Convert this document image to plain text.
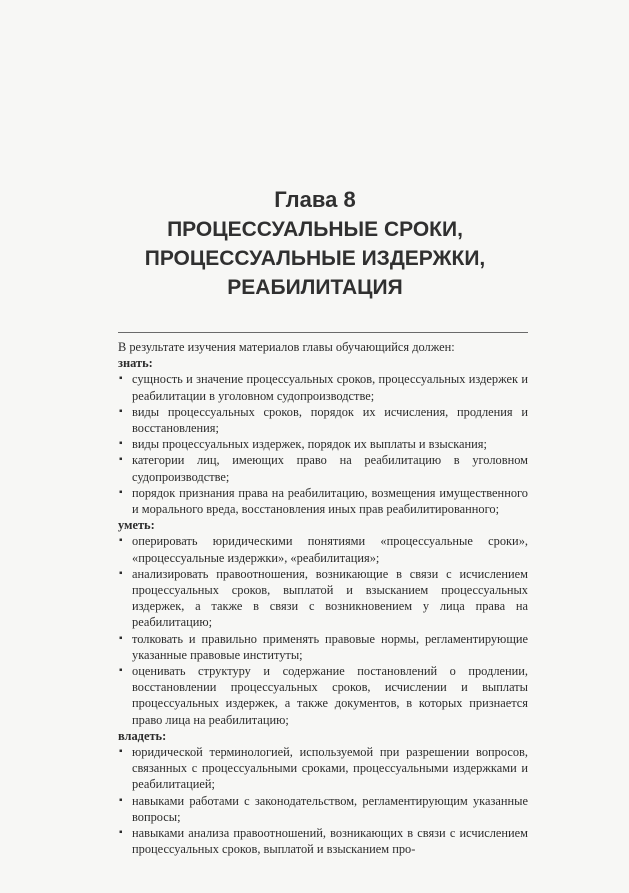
Глава 8
ПРОЦЕССУАЛЬНЫЕ СРОКИ,
ПРОЦЕССУАЛЬНЫЕ ИЗДЕРЖКИ,
РЕАБИЛИТАЦИЯ

В результате изучения материалов главы обучающийся должен:

знать:

▪ сущность и значение процессуальных сроков, процессуальных издержек и реабилитации в уголовном судопроизводстве;
▪ виды процессуальных сроков, порядок их исчисления, продления и восстановления;
▪ виды процессуальных издержек, порядок их выплаты и взыскания;
▪ категории лиц, имеющих право на реабилитацию в уголовном судопроизводстве;
▪ порядок признания права на реабилитацию, возмещения имущественного и морального вреда, восстановления иных прав реабилитированного;

уметь:

▪ оперировать юридическими понятиями «процессуальные сроки», «процессуальные издержки», «реабилитация»;
▪ анализировать правоотношения, возникающие в связи с исчислением процессуальных сроков, выплатой и взысканием процессуальных издержек, а также в связи с возникновением у лица права на реабилитацию;
▪ толковать и правильно применять правовые нормы, регламентирующие указанные правовые институты;
▪ оценивать структуру и содержание постановлений о продлении, восстановлении процессуальных сроков, исчислении и выплаты процессуальных издержек, а также документов, в которых признается право лица на реабилитацию;

владеть:

▪ юридической терминологией, используемой при разрешении вопросов, связанных с процессуальными сроками, процессуальными издержками и реабилитацией;
▪ навыками работами с законодательством, регламентирующим указанные вопросы;
▪ навыками анализа правоотношений, возникающих в связи с исчислением процессуальных сроков, выплатой и взысканием про-
